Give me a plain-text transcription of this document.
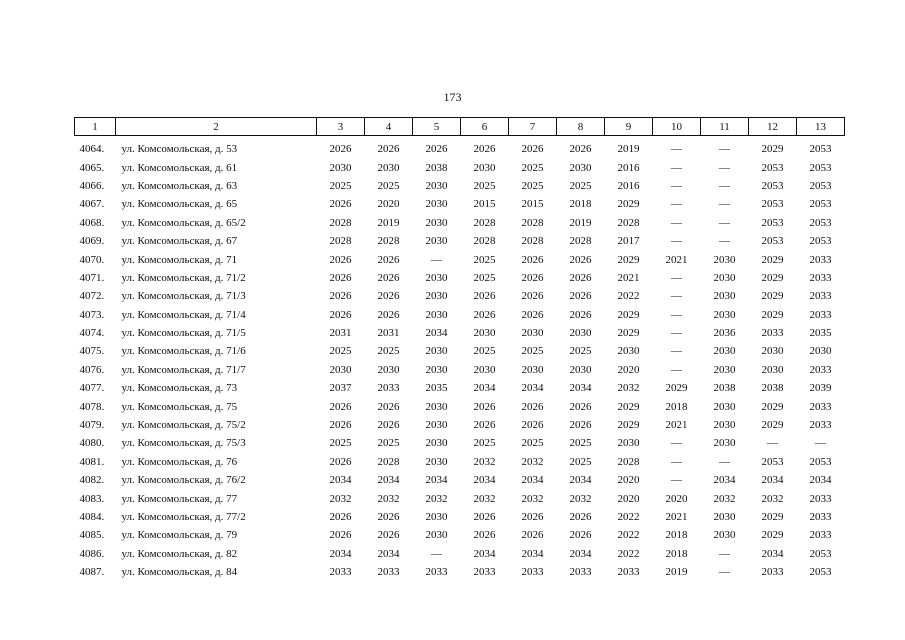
173
1	2	3	4	5	6	7	8	9	10	11	12	13
4064.	ул. Комсомольская, д. 53	2026	2026	2026	2026	2026	2026	2019	—	—	2029	2053
4065.	ул. Комсомольская, д. 61	2030	2030	2038	2030	2025	2030	2016	—	—	2053	2053
4066.	ул. Комсомольская, д. 63	2025	2025	2030	2025	2025	2025	2016	—	—	2053	2053
4067.	ул. Комсомольская, д. 65	2026	2020	2030	2015	2015	2018	2029	—	—	2053	2053
4068.	ул. Комсомольская, д. 65/2	2028	2019	2030	2028	2028	2019	2028	—	—	2053	2053
4069.	ул. Комсомольская, д. 67	2028	2028	2030	2028	2028	2028	2017	—	—	2053	2053
4070.	ул. Комсомольская, д. 71	2026	2026	—	2025	2026	2026	2029	2021	2030	2029	2033
4071.	ул. Комсомольская, д. 71/2	2026	2026	2030	2025	2026	2026	2021	—	2030	2029	2033
4072.	ул. Комсомольская, д. 71/3	2026	2026	2030	2026	2026	2026	2022	—	2030	2029	2033
4073.	ул. Комсомольская, д. 71/4	2026	2026	2030	2026	2026	2026	2029	—	2030	2029	2033
4074.	ул. Комсомольская, д. 71/5	2031	2031	2034	2030	2030	2030	2029	—	2036	2033	2035
4075.	ул. Комсомольская, д. 71/6	2025	2025	2030	2025	2025	2025	2030	—	2030	2030	2030
4076.	ул. Комсомольская, д. 71/7	2030	2030	2030	2030	2030	2030	2020	—	2030	2030	2033
4077.	ул. Комсомольская, д. 73	2037	2033	2035	2034	2034	2034	2032	2029	2038	2038	2039
4078.	ул. Комсомольская, д. 75	2026	2026	2030	2026	2026	2026	2029	2018	2030	2029	2033
4079.	ул. Комсомольская, д. 75/2	2026	2026	2030	2026	2026	2026	2029	2021	2030	2029	2033
4080.	ул. Комсомольская, д. 75/3	2025	2025	2030	2025	2025	2025	2030	—	2030	—	—
4081.	ул. Комсомольская, д. 76	2026	2028	2030	2032	2032	2025	2028	—	—	2053	2053
4082.	ул. Комсомольская, д. 76/2	2034	2034	2034	2034	2034	2034	2020	—	2034	2034	2034
4083.	ул. Комсомольская, д. 77	2032	2032	2032	2032	2032	2032	2020	2020	2032	2032	2033
4084.	ул. Комсомольская, д. 77/2	2026	2026	2030	2026	2026	2026	2022	2021	2030	2029	2033
4085.	ул. Комсомольская, д. 79	2026	2026	2030	2026	2026	2026	2022	2018	2030	2029	2033
4086.	ул. Комсомольская, д. 82	2034	2034	—	2034	2034	2034	2022	2018	—	2034	2053
4087.	ул. Комсомольская, д. 84	2033	2033	2033	2033	2033	2033	2033	2019	—	2033	2053
